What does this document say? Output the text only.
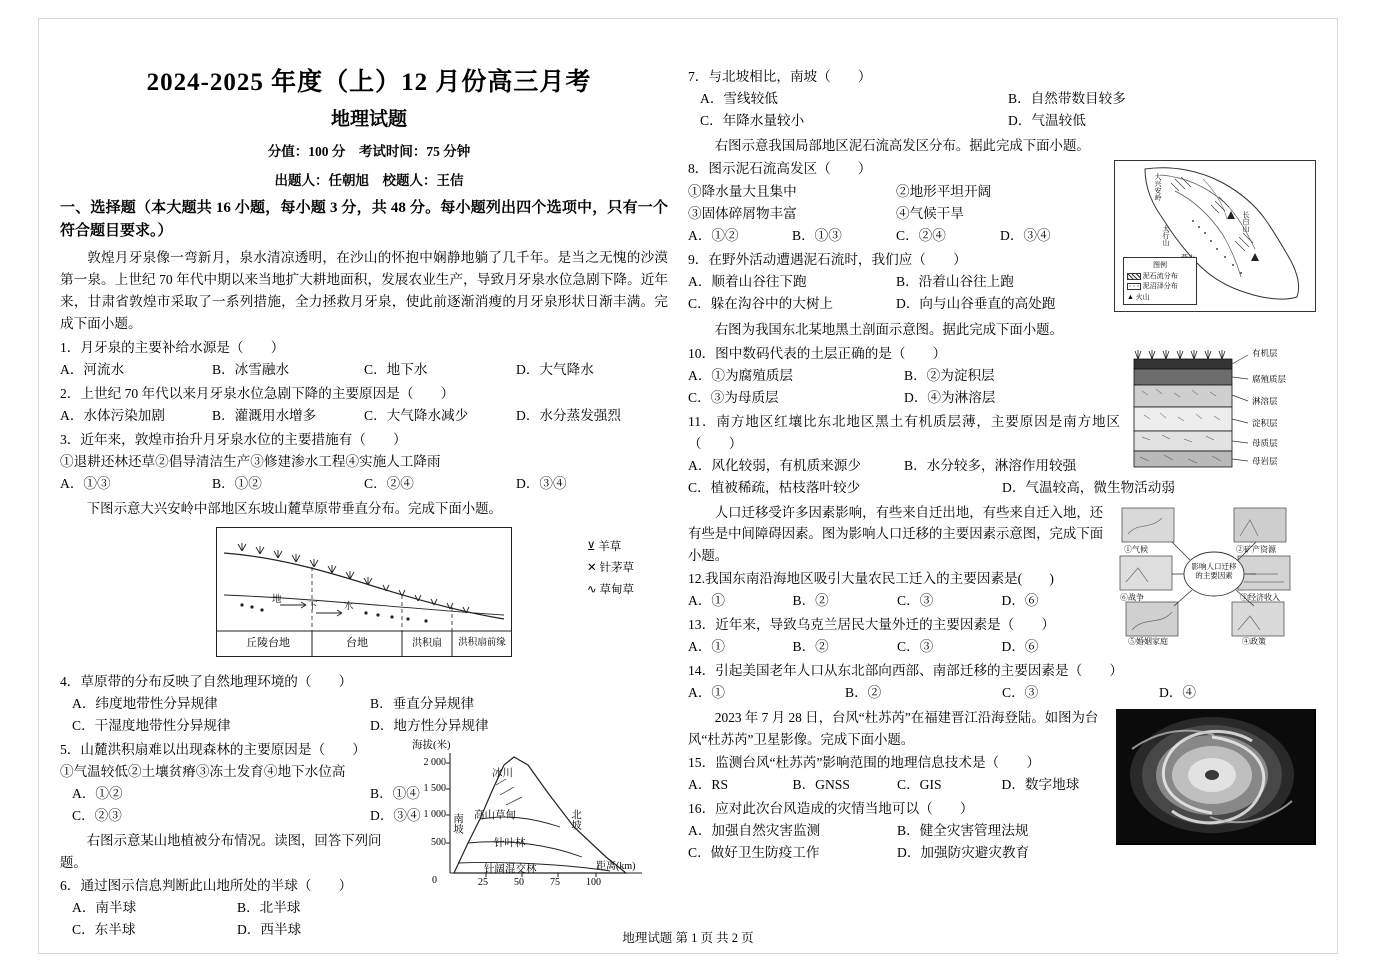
2024-2025 年度（上）12 月份高三月考
地理试题
分值：100 分　考试时间：75 分钟
出题人：任朝旭　校题人：王佶
一、选择题（本大题共 16 小题，每小题 3 分，共 48 分。每小题列出四个选项中，只有一个符合题目要求。）
敦煌月牙泉像一弯新月，泉水清凉透明，在沙山的怀抱中娴静地躺了几千年。是当之无愧的沙漠第一泉。上世纪 70 年代中期以来当地扩大耕地面积，发展农业生产，导致月牙泉水位急剧下降。近年来，甘肃省敦煌市采取了一系列措施，全力拯救月牙泉，使此前逐渐消瘦的月牙泉形状日渐丰满。完成下面小题。
1．月牙泉的主要补给水源是（　　）
A．河流水	B．冰雪融水	C．地下水	D．大气降水
2．上世纪 70 年代以来月牙泉水位急剧下降的主要原因是（　　）
A．水体污染加剧	B．灌溉用水增多	C．大气降水减少	D．水分蒸发强烈
3．近年来，敦煌市抬升月牙泉水位的主要措施有（　　）
①退耕还林还草②倡导清洁生产③修建渗水工程④实施人工降雨
A．①③	B．①②	C．②④	D．③④
下图示意大兴安岭中部地区东坡山麓草原带垂直分布。完成下面小题。
地
下	水
丘陵台地	台地	洪积扇	洪积扇前缘
⊻ 羊草
✕ 针茅草
∿ 草甸草
4．草原带的分布反映了自然地理环境的（　　）
A．纬度地带性分异规律	B．垂直分异规律
C．干湿度地带性分异规律	D．地方性分异规律
5．山麓洪积扇难以出现森林的主要原因是（　　）
①气温较低②土壤贫瘠③冻土发育④地下水位高
A．①②	B．①④
C．②③	D．③④
海拔(米)
2 000
1 500
1 000
500
0
冰川
高山草甸
针叶林
针阔混交林
南坡	北坡
距离(km)
25	50	75	100
右图示意某山地植被分布情况。读图，回答下列问题。
6．通过图示信息判断此山地所处的半球（　　）
A．南半球	B．北半球
C．东半球	D．西半球
7．与北坡相比，南坡（　　）
A．雪线较低	B．自然带数目较多
C．年降水量较小	D．气温较低
右图示意我国局部地区泥石流高发区分布。据此完成下面小题。
大兴安岭
长白山
太行山
图例
泥石流分布
泥沼泽分布
▲ 火山
8．图示泥石流高发区（　　）
①降水量大且集中	②地形平坦开阔
③固体碎屑物丰富	④气候干旱
A．①②	B．①③	C．②④	D．③④
9．在野外活动遭遇泥石流时，我们应（　　）
A．顺着山谷往下跑	B．沿着山谷往上跑
C．躲在沟谷中的大树上	D．向与山谷垂直的高处跑
右图为我国东北某地黑土剖面示意图。据此完成下面小题。
有机层
腐殖质层
淋溶层
淀积层
母质层
母岩层
10．图中数码代表的土层正确的是（　　）
A．①为腐殖质层	B．②为淀积层
C．③为母质层	D．④为淋溶层
11．南方地区红壤比东北地区黑土有机质层薄，主要原因是南方地区（　　）
A．风化较弱，有机质来源少	B．水分较多，淋溶作用较强
C．植被稀疏，枯枝落叶较少	D．气温较高，微生物活动弱
影响人口迁移的主要因素
①气候	②矿产资源
③经济收入
④政策
⑤婚姻家庭
⑥战争
人口迁移受许多因素影响，有些来自迁出地，有些来自迁入地，还有些是中间障碍因素。图为影响人口迁移的主要因素示意图，完成下面小题。
12.我国东南沿海地区吸引大量农民工迁入的主要因素是(　　)
A．①	B．②	C．③	D．⑥
13．近年来，导致乌克兰居民大量外迁的主要因素是（　　）
A．①	B．②	C．③	D．⑥
14．引起美国老年人口从东北部向西部、南部迁移的主要因素是（　　）
A．①	B．②	C．③	D．④
2023 年 7 月 28 日，台风“杜苏芮”在福建晋江沿海登陆。如图为台风“杜苏芮”卫星影像。完成下面小题。
15．监测台风“杜苏芮”影响范围的地理信息技术是（　　）
A．RS	B．GNSS	C．GIS	D．数字地球
16．应对此次台风造成的灾情当地可以（　　）
A．加强自然灾害监测	B．健全灾害管理法规
C．做好卫生防疫工作	D．加强防灾避灾教育
地理试题 第 1 页 共 2 页
